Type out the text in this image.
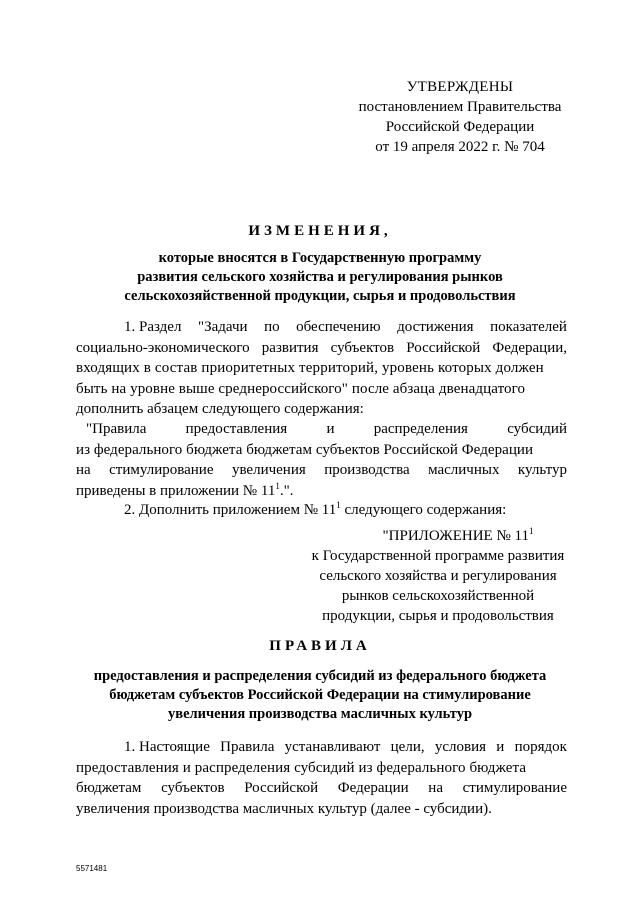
УТВЕРЖДЕНЫ
постановлением Правительства
Российской Федерации
от 19 апреля 2022 г. № 704
ИЗМЕНЕНИЯ,
которые вносятся в Государственную программу
развития сельского хозяйства и регулирования рынков
сельскохозяйственной продукции, сырья и продовольствия
1. Раздел "Задачи по обеспечению достижения показателей
социально-экономического развития субъектов Российской Федерации,
входящих в состав приоритетных территорий, уровень которых должен
быть на уровне выше среднероссийского" после абзаца двенадцатого
дополнить абзацем следующего содержания:
"Правила	предоставления	и	распределения	субсидий
из федерального бюджета бюджетам субъектов Российской Федерации
на стимулирование увеличения производства масличных культур
приведены в приложении № $11^1$.".
2. Дополнить приложением № $11^1$ следующего содержания:
"ПРИЛОЖЕНИЕ № $11^1$
к Государственной программе развития
сельского хозяйства и регулирования
рынков сельскохозяйственной
продукции, сырья и продовольствия
ПРАВИЛА
предоставления и распределения субсидий из федерального бюджета
бюджетам субъектов Российской Федерации на стимулирование
увеличения производства масличных культур
1. Настоящие Правила устанавливают цели, условия и порядок
предоставления и распределения субсидий из федерального бюджета
бюджетам субъектов Российской Федерации на стимулирование
увеличения производства масличных культур (далее - субсидии).
5571481
